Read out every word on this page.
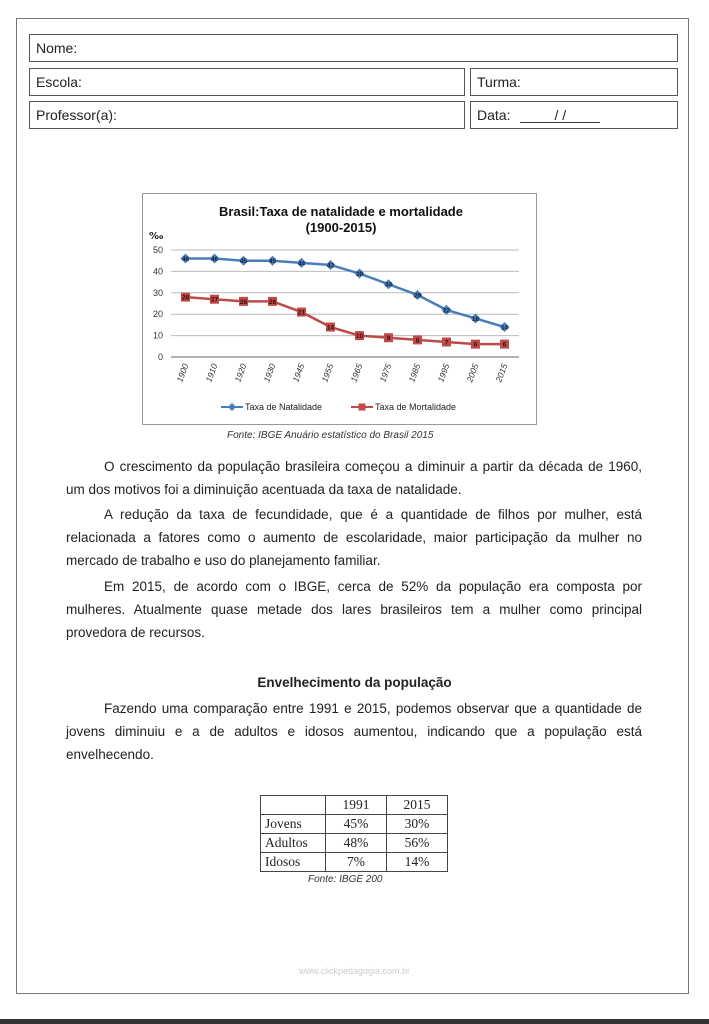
Nome:
Escola:	Turma:
Professor(a):	Data:	/ /
Brasil:Taxa de natalidade e mortalidade
(1900-2015)
‰
0
10
20
30
40
50
1900 1910 1920 1930 1945 1955 1965 1975 1985 1995 2005 2015
46	46	45	45	44	43
39
34
29
22
18
14
28	27	26	26
21
14
10	9	8	7	6	6
Taxa de Natalidade	Taxa de Mortalidade
Fonte: IBGE Anuário estatístico do Brasil 2015

O crescimento da população brasileira começou a diminuir a partir da década de 1960, um dos motivos foi a diminuição acentuada da taxa de natalidade.

A redução da taxa de fecundidade, que é a quantidade de filhos por mulher, está relacionada a fatores como o aumento de escolaridade, maior participação da mulher no mercado de trabalho e uso do planejamento familiar.

Em 2015, de acordo com o IBGE, cerca de 52% da população era composta por mulheres. Atualmente quase metade dos lares brasileiros tem a mulher como principal provedora de recursos.

Envelhecimento da população

Fazendo uma comparação entre 1991 e 2015, podemos observar que a quantidade de jovens diminuiu e a de adultos e idosos aumentou, indicando que a população está envelhecendo.

	1991	2015
Jovens	45%	30%
Adultos	48%	56%
Idosos	7%	14%
Fonte: IBGE 200
www.clickpedagogia.com.br
